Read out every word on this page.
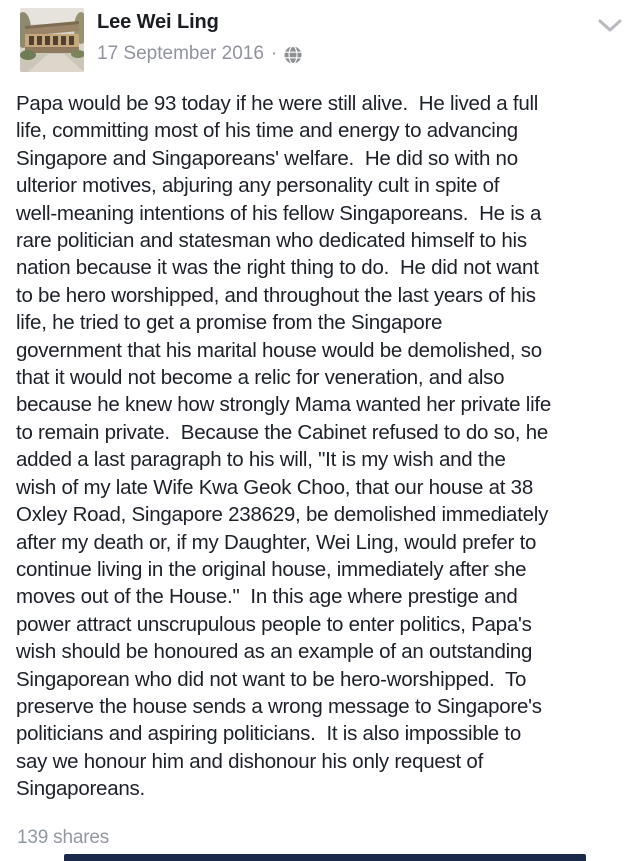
Lee Wei Ling
17 September 2016 ·
Papa would be 93 today if he were still alive.  He lived a full
life, committing most of his time and energy to advancing
Singapore and Singaporeans' welfare.  He did so with no
ulterior motives, abjuring any personality cult in spite of
well-meaning intentions of his fellow Singaporeans.  He is a
rare politician and statesman who dedicated himself to his
nation because it was the right thing to do.  He did not want
to be hero worshipped, and throughout the last years of his
life, he tried to get a promise from the Singapore
government that his marital house would be demolished, so
that it would not become a relic for veneration, and also
because he knew how strongly Mama wanted her private life
to remain private.  Because the Cabinet refused to do so, he
added a last paragraph to his will, "It is my wish and the
wish of my late Wife Kwa Geok Choo, that our house at 38
Oxley Road, Singapore 238629, be demolished immediately
after my death or, if my Daughter, Wei Ling, would prefer to
continue living in the original house, immediately after she
moves out of the House."  In this age where prestige and
power attract unscrupulous people to enter politics, Papa's
wish should be honoured as an example of an outstanding
Singaporean who did not want to be hero-worshipped.  To
preserve the house sends a wrong message to Singapore's
politicians and aspiring politicians.  It is also impossible to
say we honour him and dishonour his only request of
Singaporeans.
139 shares
